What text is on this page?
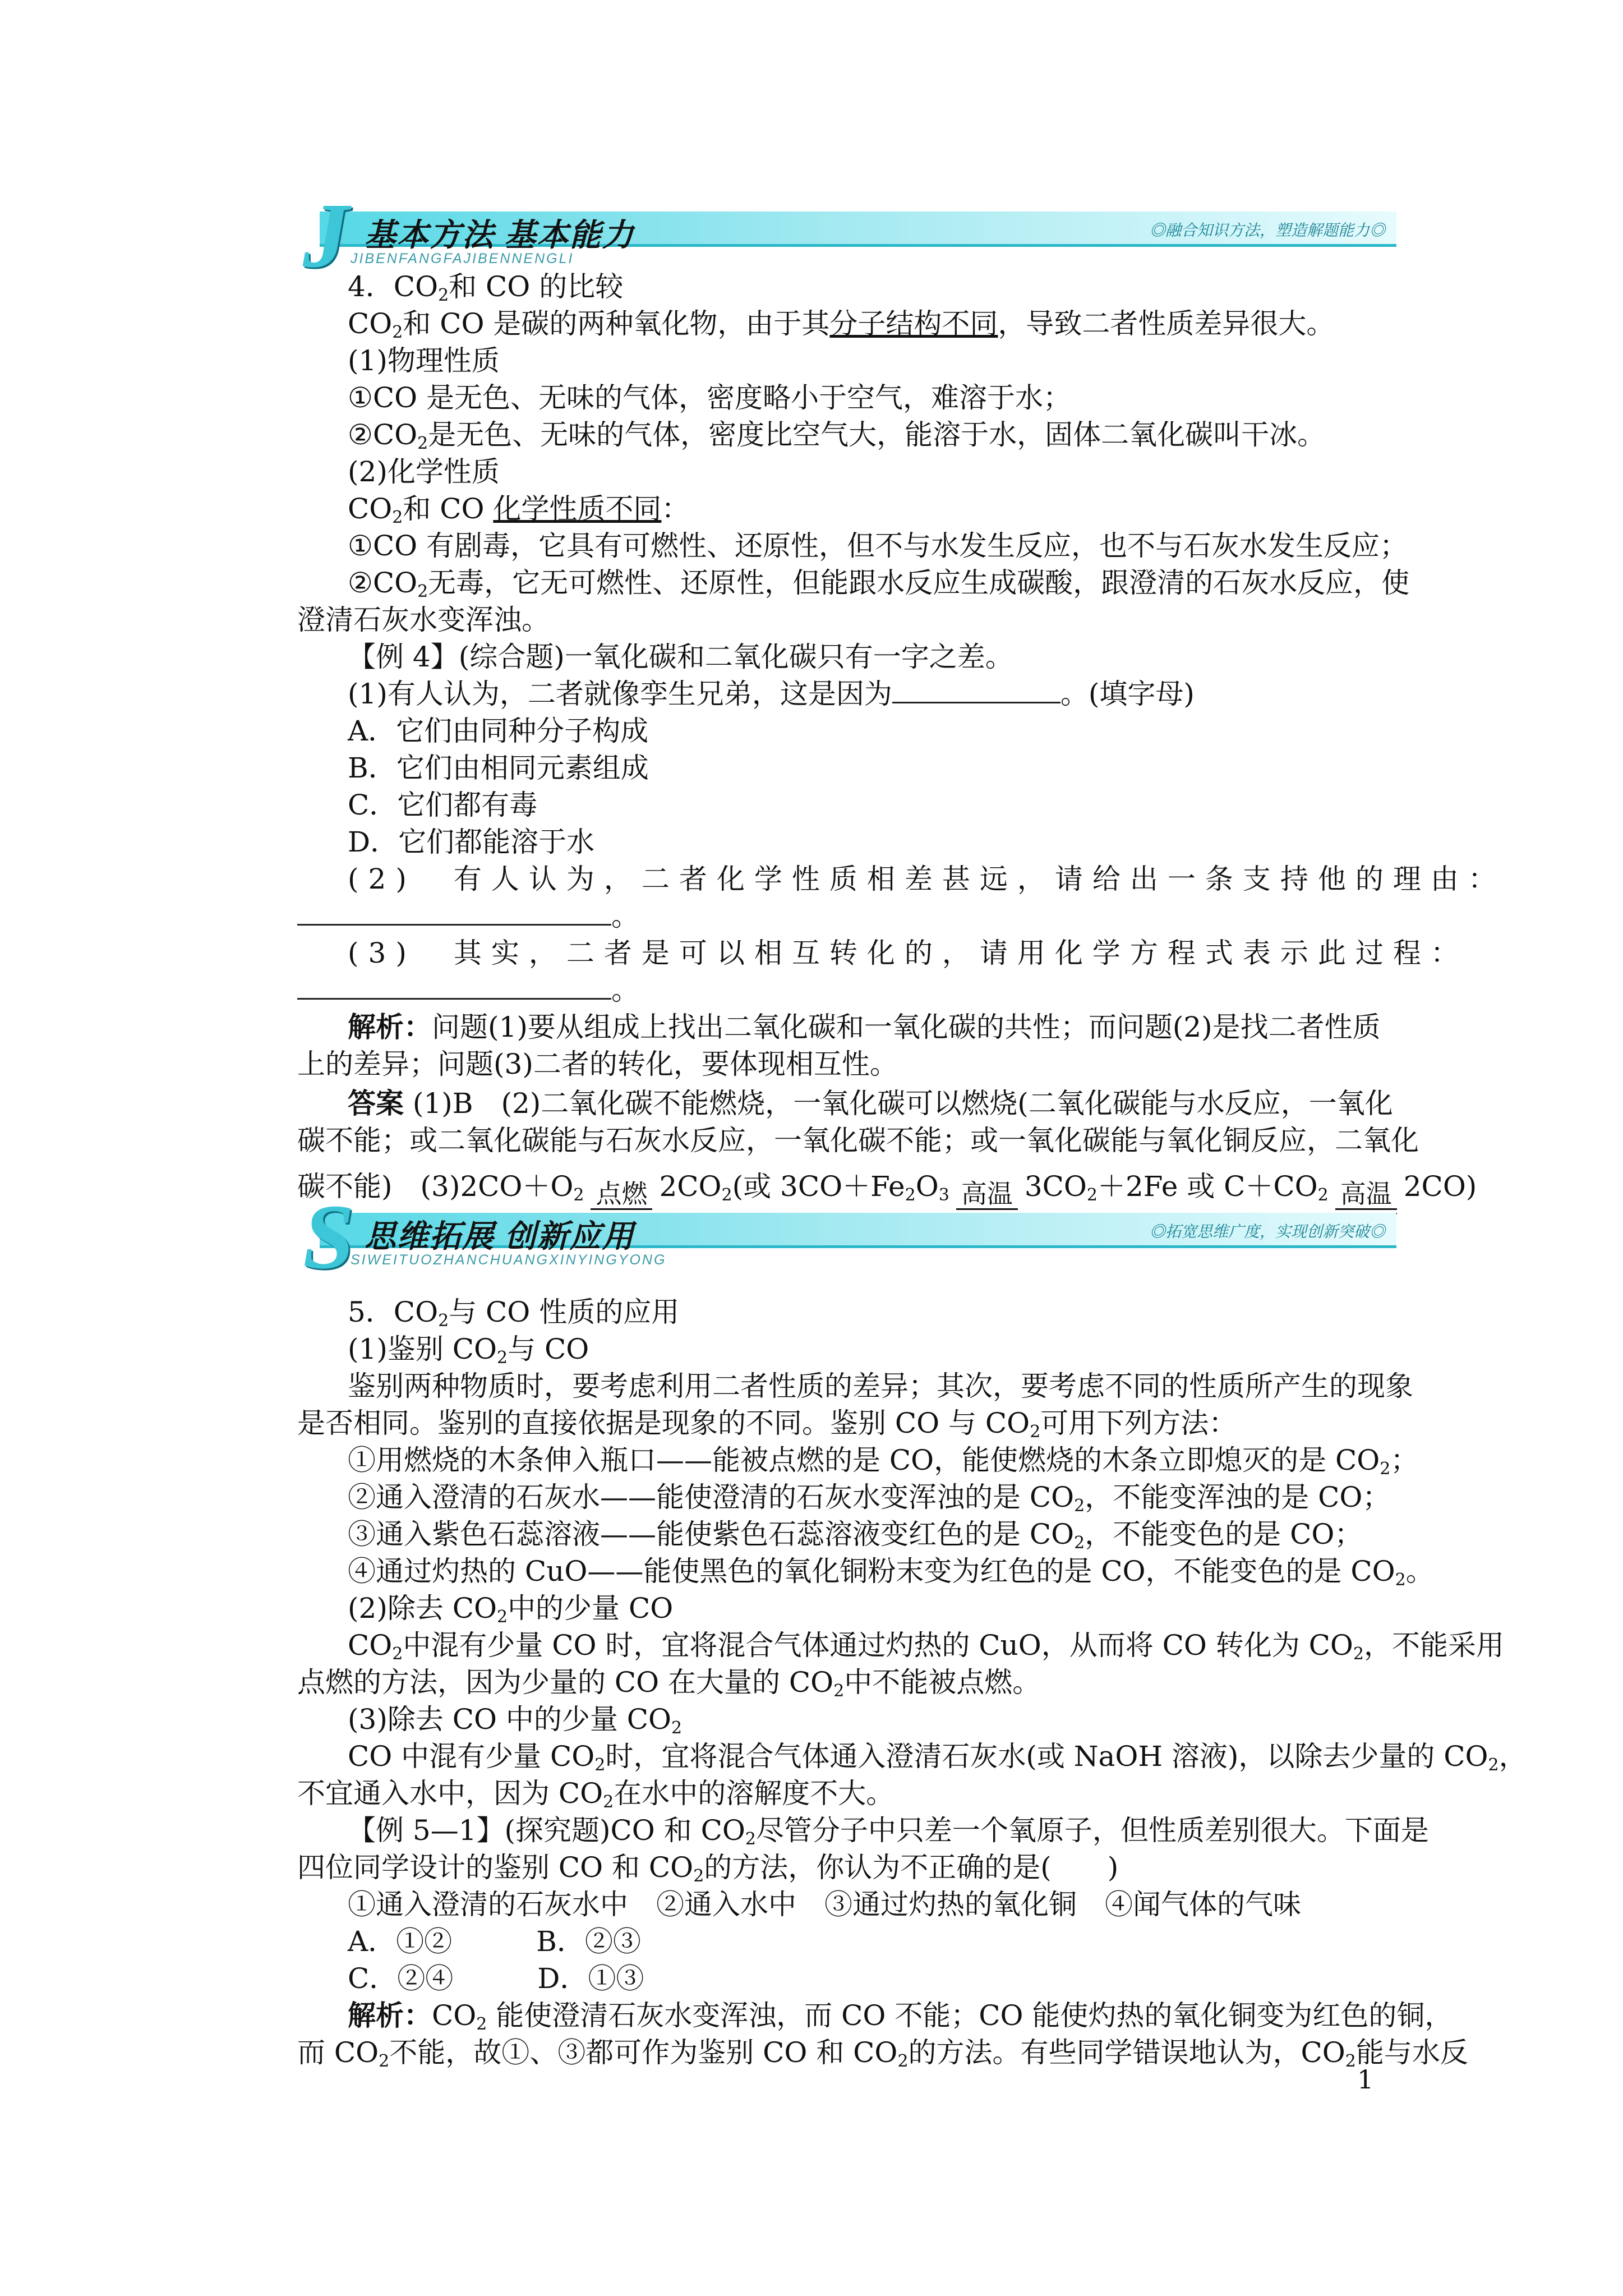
J 基本方法 基本能力
JIBENFANGFAJIBENNENGLI
◎融合知识方法，塑造解题能力◎
4．$CO_2$和 CO 的比较
$CO_2$和 CO 是碳的两种氧化物，由于其分子结构不同，导致二者性质差异很大。
(1)物理性质
①CO 是无色、无味的气体，密度略小于空气，难溶于水；
$②CO_2$是无色、无味的气体，密度比空气大，能溶于水，固体二氧化碳叫干冰。
(2)化学性质
$CO_2$和 CO 化学性质不同：
①CO 有剧毒，它具有可燃性、还原性，但不与水发生反应，也不与石灰水发生反应；
$②CO_2$无毒，它无可燃性、还原性，但能跟水反应生成碳酸，跟澄清的石灰水反应，使
澄清石灰水变浑浊。
【例 4】(综合题)一氧化碳和二氧化碳只有一字之差。
(1)有人认为，二者就像孪生兄弟，这是因为	。(填字母)
A．它们由同种分子构成
B．它们由相同元素组成
C．它们都有毒
D．它们都能溶于水
(2)　有人认为，二者化学性质相差甚远，请给出一条支持他的理由：
。
(3)　其实，二者是可以相互转化的，请用化学方程式表示此过程：
。
解析：问题(1)要从组成上找出二氧化碳和一氧化碳的共性；而问题(2)是找二者性质
上的差异；问题(3)二者的转化，要体现相互性。
答案 (1)B　(2)二氧化碳不能燃烧，一氧化碳可以燃烧(二氧化碳能与水反应，一氧化
碳不能；或二氧化碳能与石灰水反应，一氧化碳不能；或一氧化碳能与氧化铜反应，二氧化
碳不能)　$(3)2CO+O_2$ 点燃 $2CO_2$(或 $3CO+Fe_2O_3$ 高温 $3CO_2+2Fe$ 或 $C+CO_2$ 高温 2CO)
S 思维拓展 创新应用
SIWEITUOZHANCHUANGXINYINGYONG
◎拓宽思维广度，实现创新突破◎
5．$CO_2$与 CO 性质的应用
(1)鉴别 $CO_2$与 CO
鉴别两种物质时，要考虑利用二者性质的差异；其次，要考虑不同的性质所产生的现象
是否相同。鉴别的直接依据是现象的不同。鉴别 CO 与 $CO_2$可用下列方法：
①用燃烧的木条伸入瓶口——能被点燃的是 CO，能使燃烧的木条立即熄灭的是 $CO_2$；
②通入澄清的石灰水——能使澄清的石灰水变浑浊的是 $CO_2$，不能变浑浊的是 CO；
③通入紫色石蕊溶液——能使紫色石蕊溶液变红色的是 $CO_2$，不能变色的是 CO；
④通过灼热的 CuO——能使黑色的氧化铜粉末变为红色的是 CO，不能变色的是 $CO_2$。
(2)除去 $CO_2$中的少量 CO
$CO_2$中混有少量 CO 时，宜将混合气体通过灼热的 CuO，从而将 CO 转化为 $CO_2$，不能采用
点燃的方法，因为少量的 CO 在大量的 $CO_2$中不能被点燃。
(3)除去 CO 中的少量 $CO_2$
CO 中混有少量 $CO_2$时，宜将混合气体通入澄清石灰水(或 NaOH 溶液)，以除去少量的 $CO_2$，
不宜通入水中，因为 $CO_2$在水中的溶解度不大。
【例 5—1】(探究题)CO 和 $CO_2$尽管分子中只差一个氧原子，但性质差别很大。下面是
四位同学设计的鉴别 CO 和 $CO_2$的方法，你认为不正确的是(　　)
①通入澄清的石灰水中　②通入水中　③通过灼热的氧化铜　④闻气体的气味
A．①②　　　B．②③
C．②④　　　D．①③
解析：$CO_2$ 能使澄清石灰水变浑浊，而 CO 不能；CO 能使灼热的氧化铜变为红色的铜，
而 $CO_2$不能，故①、③都可作为鉴别 CO 和 $CO_2$的方法。有些同学错误地认为，$CO_2$能与水反
1
